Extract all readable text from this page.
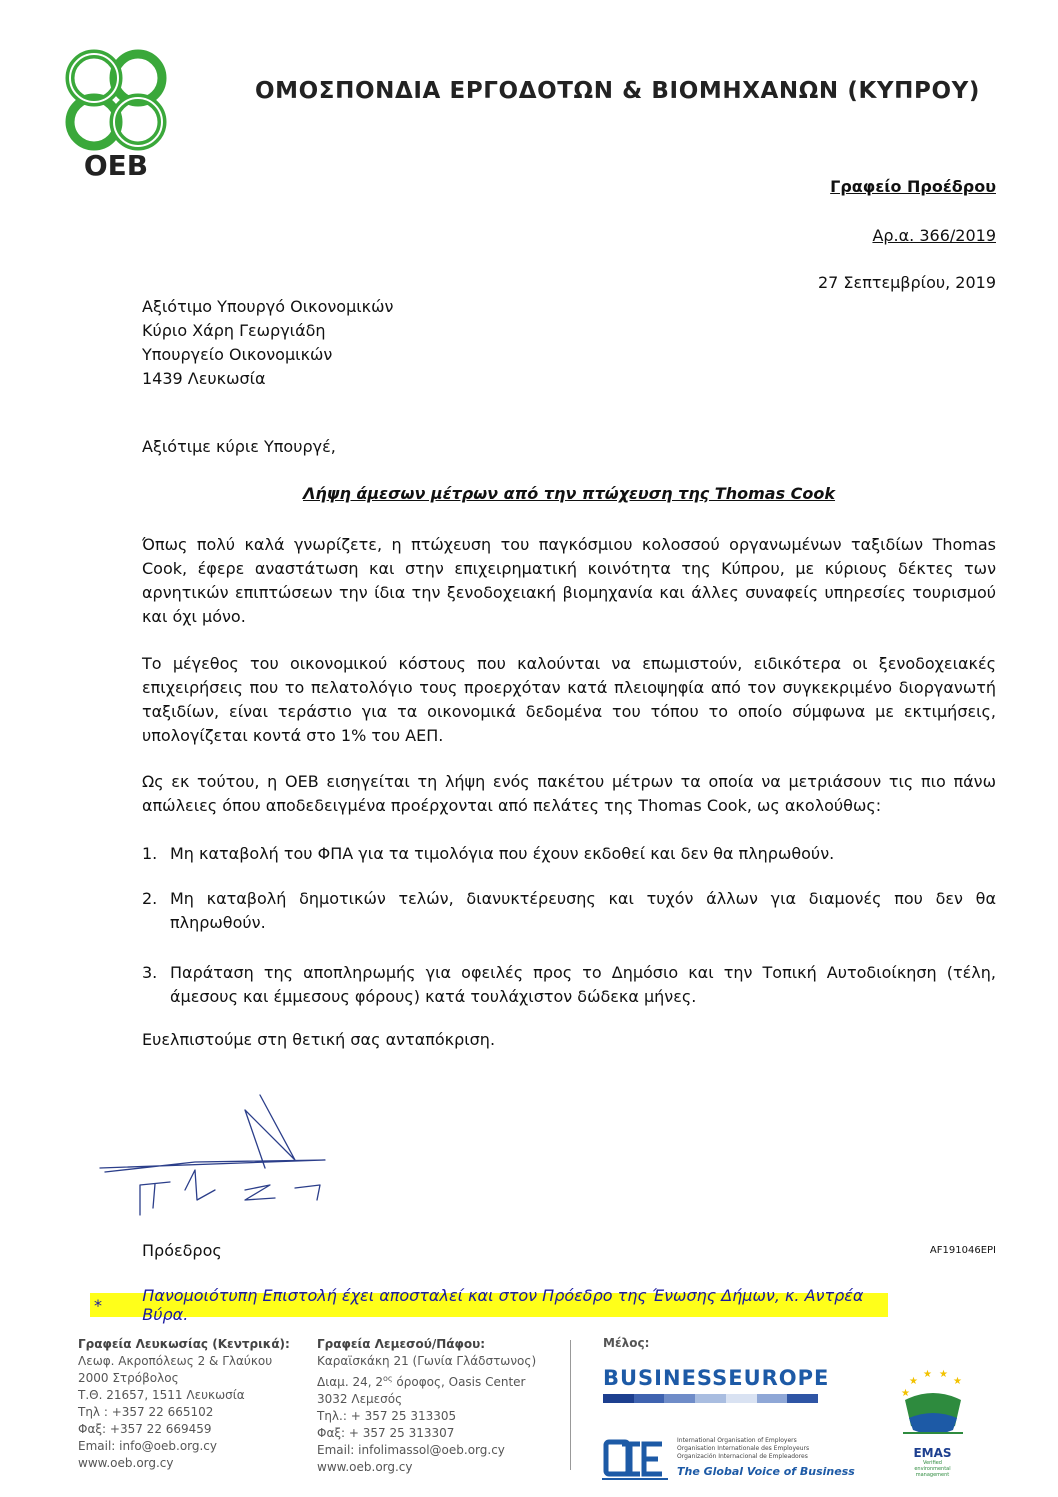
OEB
ΟΜΟΣΠΟΝΔΙΑ ΕΡΓΟΔΟΤΩΝ & ΒΙΟΜΗΧΑΝΩΝ (ΚΥΠΡΟΥ)
Γραφείο Προέδρου
Αρ.α. 366/2019
27 Σεπτεμβρίου, 2019
Αξιότιμο Υπουργό Οικονομικών
Κύριο Χάρη Γεωργιάδη
Υπουργείο Οικονομικών
1439 Λευκωσία
Αξιότιμε κύριε Υπουργέ,
Λήψη άμεσων μέτρων από την πτώχευση της Thomas Cook
Όπως πολύ καλά γνωρίζετε, η πτώχευση του παγκόσμιου κολοσσού οργανωμένων ταξιδίων Thomas Cook, έφερε αναστάτωση και στην επιχειρηματική κοινότητα της Κύπρου, με κύριους δέκτες των αρνητικών επιπτώσεων την ίδια την ξενοδοχειακή βιομηχανία και άλλες συναφείς υπηρεσίες τουρισμού και όχι μόνο.
Το μέγεθος του οικονομικού κόστους που καλούνται να επωμιστούν, ειδικότερα οι ξενοδοχειακές επιχειρήσεις που το πελατολόγιο τους προερχόταν κατά πλειοψηφία από τον συγκεκριμένο διοργανωτή ταξιδίων, είναι τεράστιο για τα οικονομικά δεδομένα του τόπου το οποίο σύμφωνα με εκτιμήσεις, υπολογίζεται κοντά στο 1% του ΑΕΠ.
Ως εκ τούτου, η ΟΕΒ εισηγείται τη λήψη ενός πακέτου μέτρων τα οποία να μετριάσουν τις πιο πάνω απώλειες όπου αποδεδειγμένα προέρχονται από πελάτες της Thomas Cook, ως ακολούθως:
1. Μη καταβολή του ΦΠΑ για τα τιμολόγια που έχουν εκδοθεί και δεν θα πληρωθούν.
2. Μη καταβολή δημοτικών τελών, διανυκτέρευσης και τυχόν άλλων για διαμονές που δεν θα πληρωθούν.
3. Παράταση της αποπληρωμής για οφειλές προς το Δημόσιο και την Τοπική Αυτοδιοίκηση (τέλη, άμεσους και έμμεσους φόρους) κατά τουλάχιστον δώδεκα μήνες.
Ευελπιστούμε στη θετική σας ανταπόκριση.
Πρόεδρος	AF191046EPI
*	Πανομοιότυπη Επιστολή έχει αποσταλεί και στον Πρόεδρο της Ένωσης Δήμων, κ. Αντρέα Βύρα.
Γραφεία Λευκωσίας (Κεντρικά):
Λεωφ. Ακροπόλεως 2 & Γλαύκου
2000 Στρόβολος
Τ.Θ. 21657, 1511 Λευκωσία
Τηλ : +357 22 665102
Φαξ: +357 22 669459
Email: info@oeb.org.cy
www.oeb.org.cy
Γραφεία Λεμεσού/Πάφου:
Καραϊσκάκη 21 (Γωνία Γλάδστωνος)
Διαμ. 24, $2^{o\varsigma}$ όροφος, Oasis Center
3032 Λεμεσός
Τηλ.: + 357 25 313305
Φαξ: + 357 25 313307
Email: infolimassol@oeb.org.cy
www.oeb.org.cy
Μέλος:
BUSINESSEUROPE
International Organisation of Employers
Organisation Internationale des Employeurs
Organización Internacional de Empleadores
The Global Voice of Business
★
★ ★
★
★
EMAS
Verified
environmental
management
